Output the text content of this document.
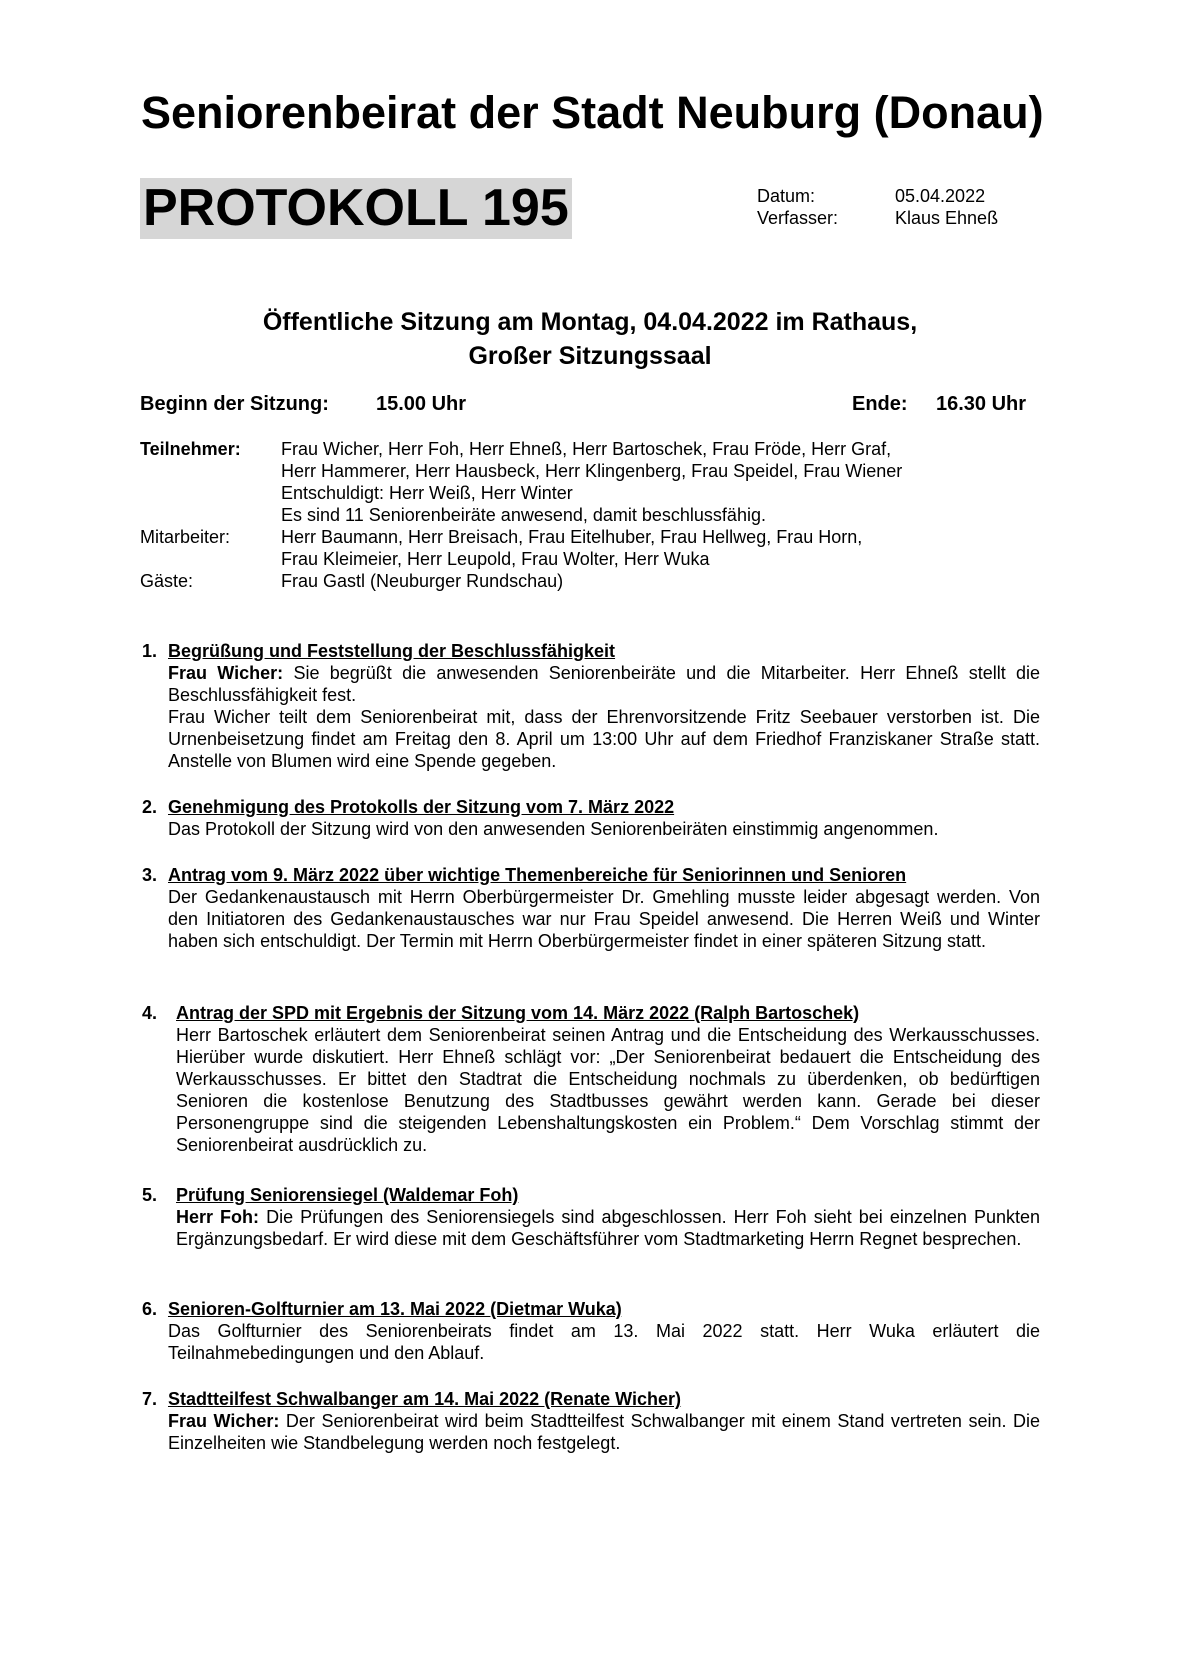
Seniorenbeirat der Stadt Neuburg (Donau)
PROTOKOLL 195	Datum:	05.04.2022
Verfasser:	Klaus Ehneß
Öffentliche Sitzung am Montag, 04.04.2022 im Rathaus,
Großer Sitzungssaal
Beginn der Sitzung: 15.00 Uhr	Ende: 16.30 Uhr
Teilnehmer: Frau Wicher, Herr Foh, Herr Ehneß, Herr Bartoschek, Frau Fröde, Herr Graf,
Herr Hammerer, Herr Hausbeck, Herr Klingenberg, Frau Speidel, Frau Wiener
Entschuldigt: Herr Weiß, Herr Winter
Es sind 11 Seniorenbeiräte anwesend, damit beschlussfähig.
Mitarbeiter:	Herr Baumann, Herr Breisach, Frau Eitelhuber, Frau Hellweg, Frau Horn,
Frau Kleimeier, Herr Leupold, Frau Wolter, Herr Wuka
Gäste:	Frau Gastl (Neuburger Rundschau)
1. Begrüßung und Feststellung der Beschlussfähigkeit

Frau Wicher: Sie begrüßt die anwesenden Seniorenbeiräte und die Mitarbeiter. Herr Ehneß stellt die Beschlussfähigkeit fest.

Frau Wicher teilt dem Seniorenbeirat mit, dass der Ehrenvorsitzende Fritz Seebauer verstorben ist. Die Urnenbeisetzung findet am Freitag den 8. April um 13:00 Uhr auf dem Friedhof Franziskaner Straße statt. Anstelle von Blumen wird eine Spende gegeben.

2. Genehmigung des Protokolls der Sitzung vom 7. März 2022
Das Protokoll der Sitzung wird von den anwesenden Seniorenbeiräten einstimmig angenommen.
3. Antrag vom 9. März 2022 über wichtige Themenbereiche für Seniorinnen und Senioren
Der Gedankenaustausch mit Herrn Oberbürgermeister Dr. Gmehling musste leider abgesagt werden. Von den Initiatoren des Gedankenaustausches war nur Frau Speidel anwesend. Die Herren Weiß und Winter haben sich entschuldigt. Der Termin mit Herrn Oberbürgermeister findet in einer späteren Sitzung statt.
4. Antrag der SPD mit Ergebnis der Sitzung vom 14. März 2022 (Ralph Bartoschek)
Herr Bartoschek erläutert dem Seniorenbeirat seinen Antrag und die Entscheidung des Werkausschusses. Hierüber wurde diskutiert. Herr Ehneß schlägt vor: „Der Seniorenbeirat bedauert die Entscheidung des Werkausschusses. Er bittet den Stadtrat die Entscheidung nochmals zu überdenken, ob bedürftigen Senioren die kostenlose Benutzung des Stadtbusses gewährt werden kann. Gerade bei dieser Personengruppe sind die steigenden Lebenshaltungskosten ein Problem.“ Dem Vorschlag stimmt der Seniorenbeirat ausdrücklich zu.
5. Prüfung Seniorensiegel (Waldemar Foh)
Herr Foh: Die Prüfungen des Seniorensiegels sind abgeschlossen. Herr Foh sieht bei einzelnen Punkten Ergänzungsbedarf. Er wird diese mit dem Geschäftsführer vom Stadtmarketing Herrn Regnet besprechen.
6. Senioren-Golfturnier am 13. Mai 2022 (Dietmar Wuka)
Das Golfturnier des Seniorenbeirats findet am 13. Mai 2022 statt. Herr Wuka erläutert die Teilnahmebedingungen und den Ablauf.
7. Stadtteilfest Schwalbanger am 14. Mai 2022 (Renate Wicher)
Frau Wicher: Der Seniorenbeirat wird beim Stadtteilfest Schwalbanger mit einem Stand vertreten sein. Die Einzelheiten wie Standbelegung werden noch festgelegt.
